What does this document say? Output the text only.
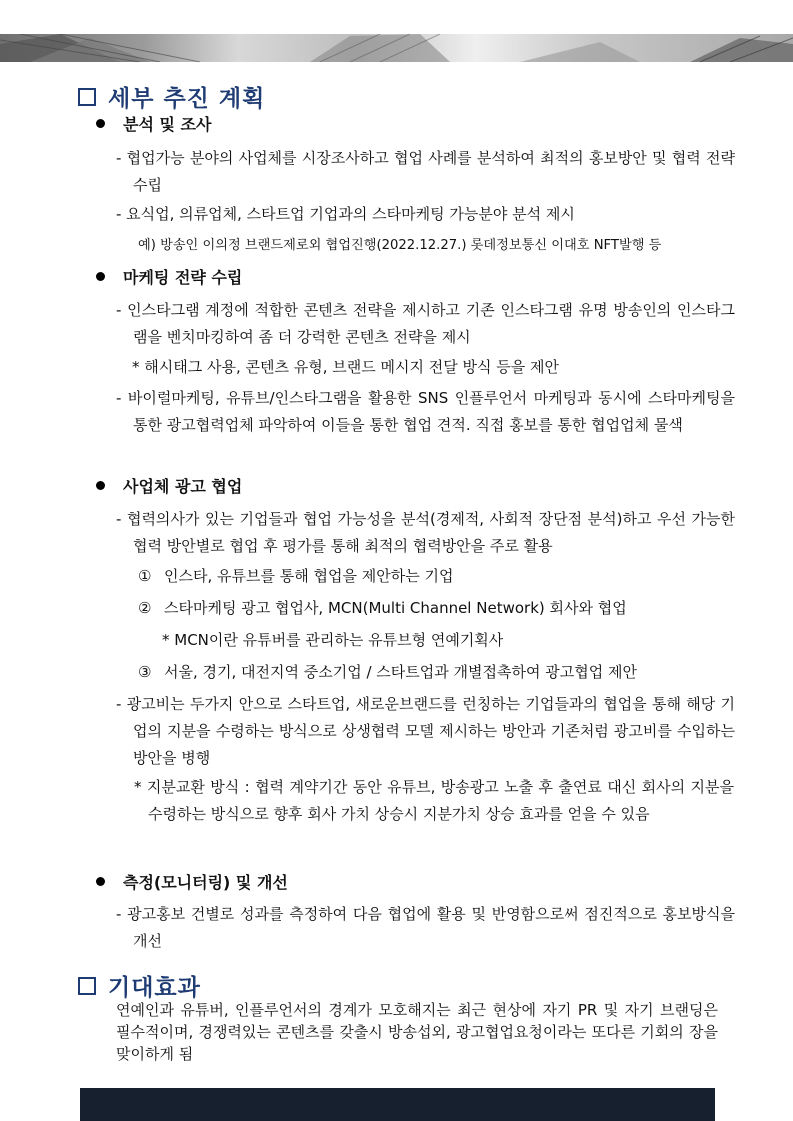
세부 추진 계획
분석 및 조사
- 협업가능 분야의 사업체를 시장조사하고 협업 사례를 분석하여 최적의 홍보방안 및 협력 전략 수립
- 요식업, 의류업체, 스타트업 기업과의 스타마케팅 가능분야 분석 제시
예) 방송인 이의정 브랜드제로외 협업진행(2022.12.27.) 롯데정보통신 이대호 NFT발행 등
마케팅 전략 수립
- 인스타그램 계정에 적합한 콘텐츠 전략을 제시하고 기존 인스타그램 유명 방송인의 인스타그램을 벤치마킹하여 좀 더 강력한 콘텐츠 전략을 제시
* 해시태그 사용, 콘텐츠 유형, 브랜드 메시지 전달 방식 등을 제안
- 바이럴마케팅, 유튜브/인스타그램을 활용한 SNS 인플루언서 마케팅과 동시에 스타마케팅을 통한 광고협력업체 파악하여 이들을 통한 협업 견적. 직접 홍보를 통한 협업업체 물색
사업체 광고 협업
- 협력의사가 있는 기업들과 협업 가능성을 분석(경제적, 사회적 장단점 분석)하고 우선 가능한 협력 방안별로 협업 후 평가를 통해 최적의 협력방안을 주로 활용
① 인스타, 유튜브를 통해 협업을 제안하는 기업
② 스타마케팅 광고 협업사, MCN(Multi Channel Network) 회사와 협업
* MCN이란 유튜버를 관리하는 유튜브형 연예기획사
③ 서울, 경기, 대전지역 중소기업 / 스타트업과 개별접촉하여 광고협업 제안
- 광고비는 두가지 안으로 스타트업, 새로운브랜드를 런칭하는 기업들과의 협업을 통해 해당 기업의 지분을 수령하는 방식으로 상생협력 모델 제시하는 방안과 기존처럼 광고비를 수입하는 방안을 병행
* 지분교환 방식 : 협력 계약기간 동안 유튜브, 방송광고 노출 후 출연료 대신 회사의 지분을 수령하는 방식으로 향후 회사 가치 상승시 지분가치 상승 효과를 얻을 수 있음
측정(모니터링) 및 개선
- 광고홍보 건별로 성과를 측정하여 다음 협업에 활용 및 반영함으로써 점진적으로 홍보방식을 개선
기대효과
연예인과 유튜버, 인플루언서의 경계가 모호해지는 최근 현상에 자기 PR 및 자기 브랜딩은 필수적이며, 경쟁력있는 콘텐츠를 갖출시 방송섭외, 광고협업요청이라는 또다른 기회의 장을 맞이하게 됨
